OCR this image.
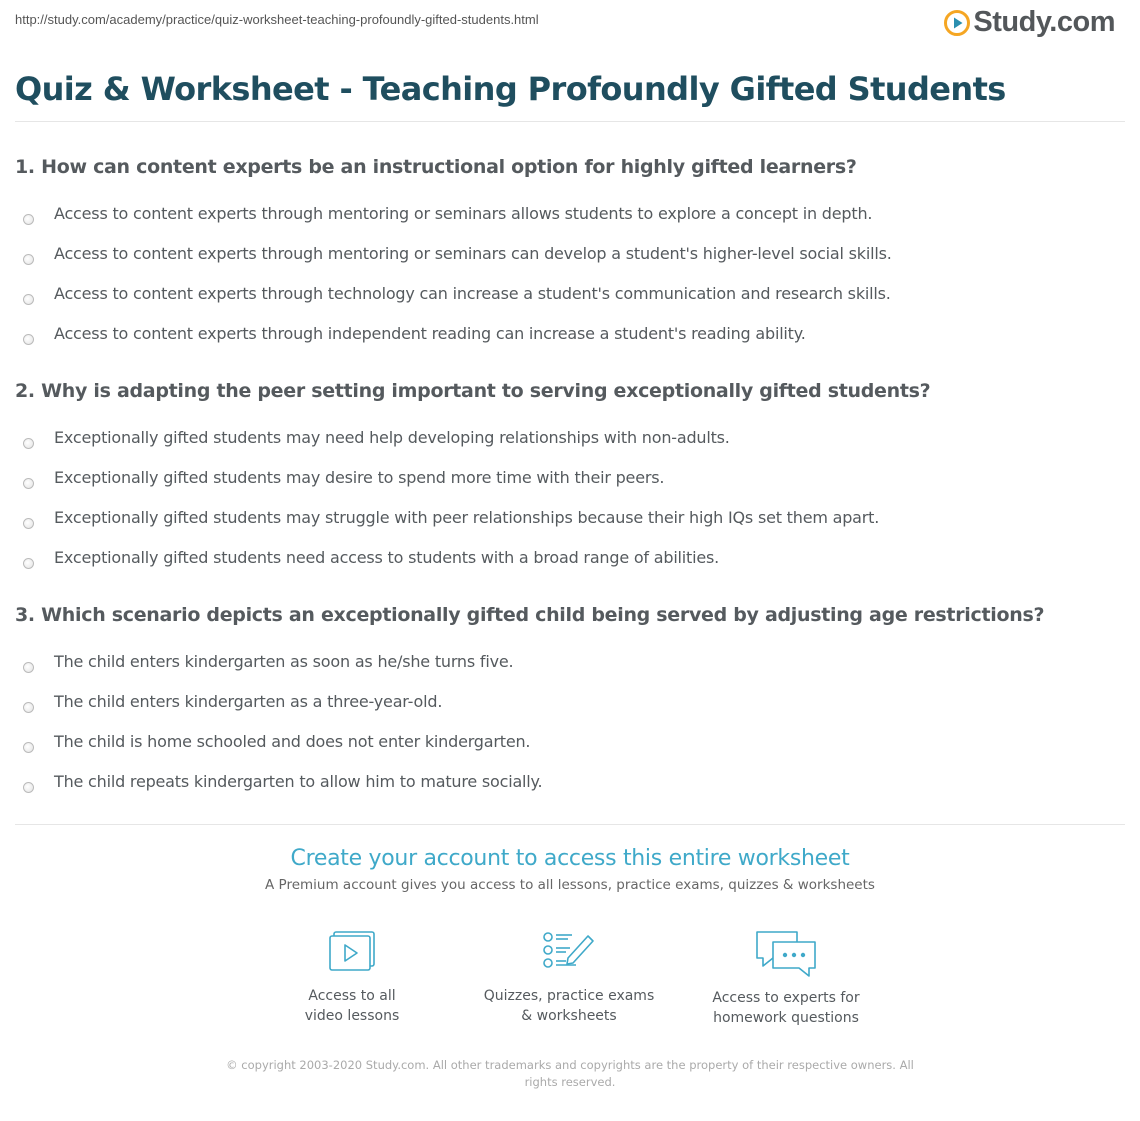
http://study.com/academy/practice/quiz-worksheet-teaching-profoundly-gifted-students.html	Study.com
Quiz & Worksheet - Teaching Profoundly Gifted Students
1. How can content experts be an instructional option for highly gifted learners?
Access to content experts through mentoring or seminars allows students to explore a concept in depth.
Access to content experts through mentoring or seminars can develop a student's higher-level social skills.
Access to content experts through technology can increase a student's communication and research skills.
Access to content experts through independent reading can increase a student's reading ability.
2. Why is adapting the peer setting important to serving exceptionally gifted students?
Exceptionally gifted students may need help developing relationships with non-adults.
Exceptionally gifted students may desire to spend more time with their peers.
Exceptionally gifted students may struggle with peer relationships because their high IQs set them apart.
Exceptionally gifted students need access to students with a broad range of abilities.
3. Which scenario depicts an exceptionally gifted child being served by adjusting age restrictions?
The child enters kindergarten as soon as he/she turns five.
The child enters kindergarten as a three-year-old.
The child is home schooled and does not enter kindergarten.
The child repeats kindergarten to allow him to mature socially.
Create your account to access this entire worksheet
A Premium account gives you access to all lessons, practice exams, quizzes & worksheets
Access to all
video lessons
Quizzes, practice exams
& worksheets
Access to experts for
homework questions
© copyright 2003-2020 Study.com. All other trademarks and copyrights are the property of their respective owners. All rights reserved.
